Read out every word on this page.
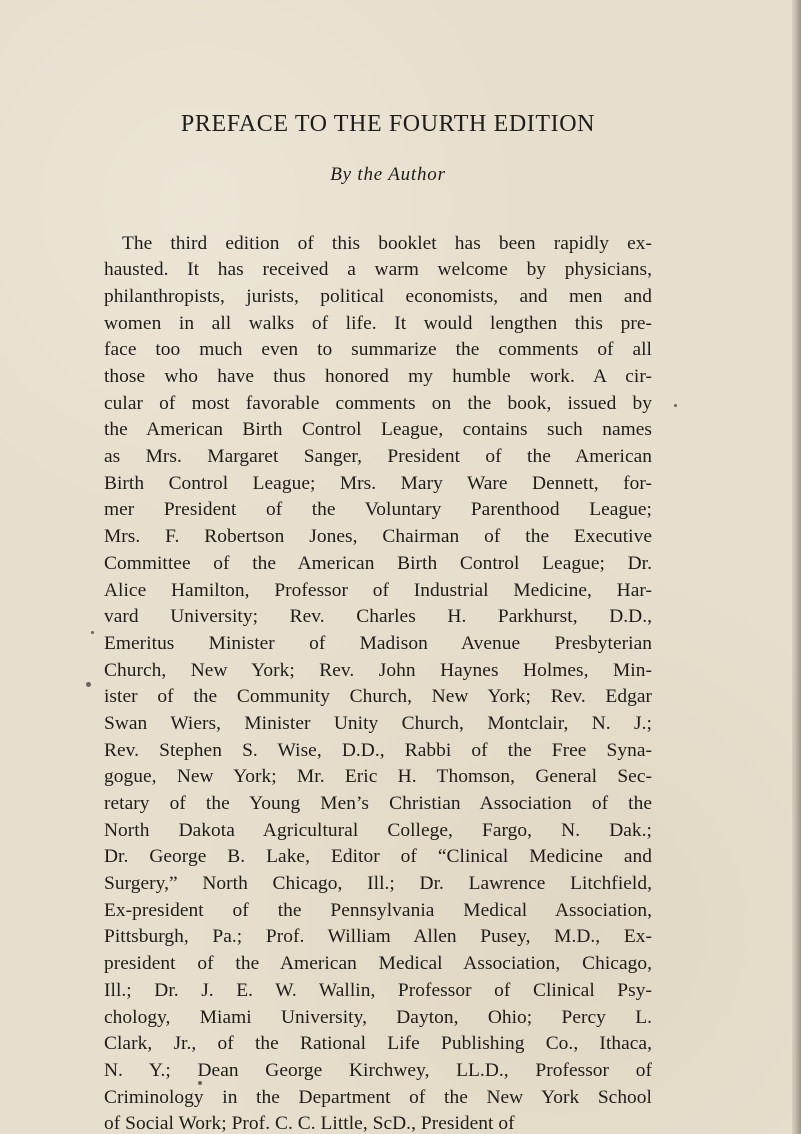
PREFACE TO THE FOURTH EDITION
By the Author
The third edition of this booklet has been rapidly ex-
hausted. It has received a warm welcome by physicians,
philanthropists, jurists, political economists, and men and
women in all walks of life. It would lengthen this pre-
face too much even to summarize the comments of all
those who have thus honored my humble work. A cir-
cular of most favorable comments on the book, issued by
the American Birth Control League, contains such names
as Mrs. Margaret Sanger, President of the American
Birth Control League; Mrs. Mary Ware Dennett, for-
mer President of the Voluntary Parenthood League;
Mrs. F. Robertson Jones, Chairman of the Executive
Committee of the American Birth Control League; Dr.
Alice Hamilton, Professor of Industrial Medicine, Har-
vard University; Rev. Charles H. Parkhurst, D.D.,
Emeritus Minister of Madison Avenue Presbyterian
Church, New York; Rev. John Haynes Holmes, Min-
ister of the Community Church, New York; Rev. Edgar
Swan Wiers, Minister Unity Church, Montclair, N. J.;
Rev. Stephen S. Wise, D.D., Rabbi of the Free Syna-
gogue, New York; Mr. Eric H. Thomson, General Sec-
retary of the Young Men’s Christian Association of the
North Dakota Agricultural College, Fargo, N. Dak.;
Dr. George B. Lake, Editor of “Clinical Medicine and
Surgery,” North Chicago, Ill.; Dr. Lawrence Litchfield,
Ex-president of the Pennsylvania Medical Association,
Pittsburgh, Pa.; Prof. William Allen Pusey, M.D., Ex-
president of the American Medical Association, Chicago,
Ill.; Dr. J. E. W. Wallin, Professor of Clinical Psy-
chology, Miami University, Dayton, Ohio; Percy L.
Clark, Jr., of the Rational Life Publishing Co., Ithaca,
N. Y.; Dean George Kirchwey, LL.D., Professor of
Criminology in the Department of the New York School
of Social Work; Prof. C. C. Little, ScD., President of
